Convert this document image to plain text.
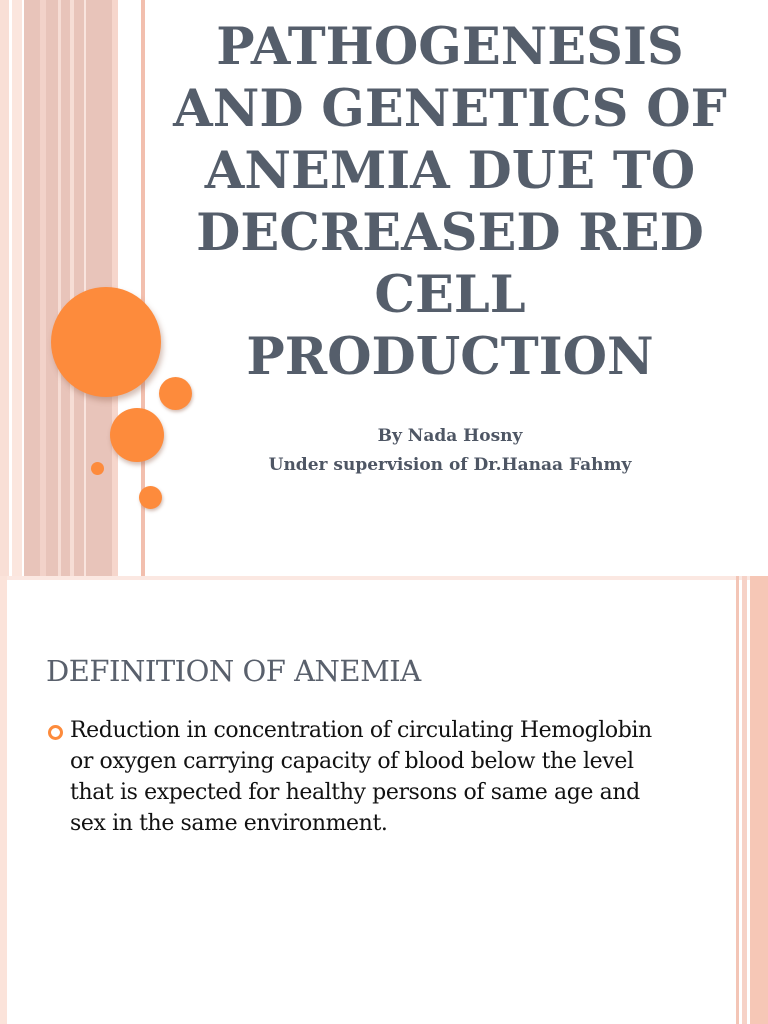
PATHOGENESIS AND GENETICS OF ANEMIA DUE TO DECREASED RED CELL PRODUCTION
By Nada Hosny
Under supervision of Dr.Hanaa Fahmy
DEFINITION OF ANEMIA
Reduction in concentration of circulating Hemoglobin or oxygen carrying capacity of blood below the level that is expected for healthy persons of same age and sex in the same environment.
